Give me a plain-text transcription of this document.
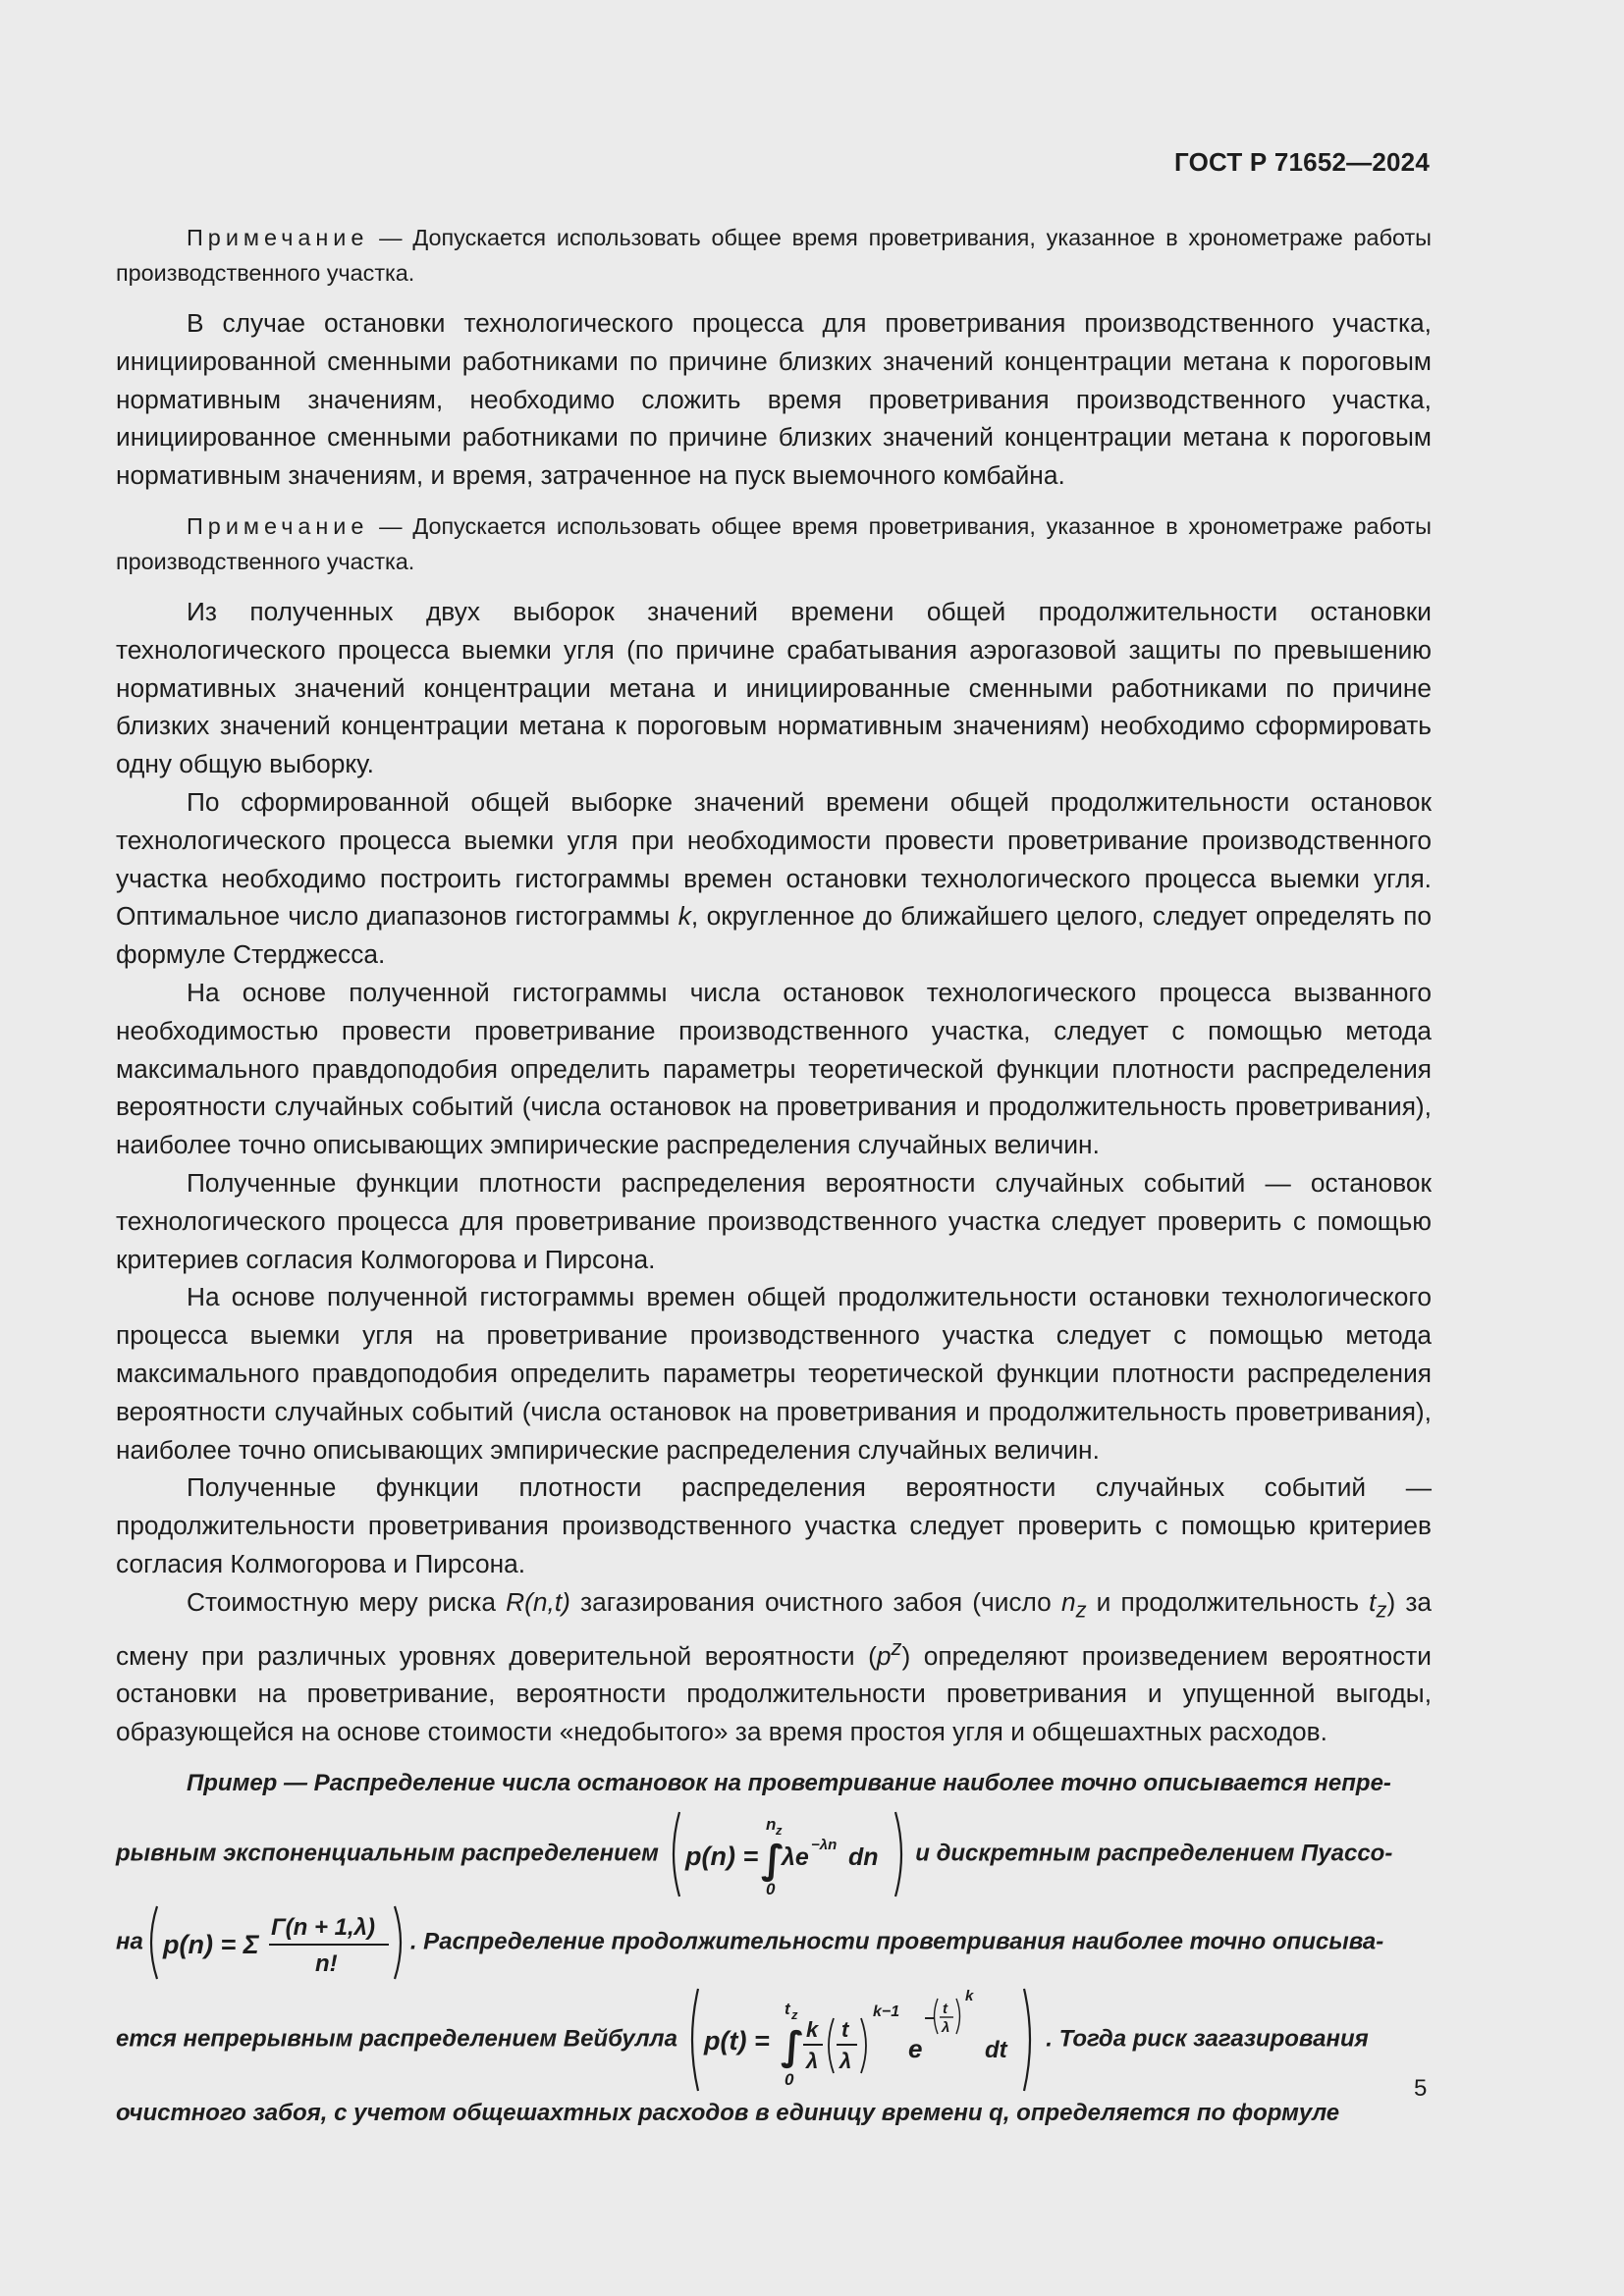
ГОСТ Р 71652—2024

Примечание — Допускается использовать общее время проветривания, указанное в хронометраже работы производственного участка.

В случае остановки технологического процесса для проветривания производственного участка, инициированной сменными работниками по причине близких значений концентрации метана к пороговым нормативным значениям, необходимо сложить время проветривания производственного участка, инициированное сменными работниками по причине близких значений концентрации метана к пороговым нормативным значениям, и время, затраченное на пуск выемочного комбайна.

Примечание — Допускается использовать общее время проветривания, указанное в хронометраже работы производственного участка.

Из полученных двух выборок значений времени общей продолжительности остановки технологического процесса выемки угля (по причине срабатывания аэрогазовой защиты по превышению нормативных значений концентрации метана и инициированные сменными работниками по причине близких значений концентрации метана к пороговым нормативным значениям) необходимо сформировать одну общую выборку.

По сформированной общей выборке значений времени общей продолжительности остановок технологического процесса выемки угля при необходимости провести проветривание производственного участка необходимо построить гистограммы времен остановки технологического процесса выемки угля. Оптимальное число диапазонов гистограммы k, округленное до ближайшего целого, следует определять по формуле Стерджесса.

На основе полученной гистограммы числа остановок технологического процесса вызванного необходимостью провести проветривание производственного участка, следует с помощью метода максимального правдоподобия определить параметры теоретической функции плотности распределения вероятности случайных событий (числа остановок на проветривания и продолжительность проветривания), наиболее точно описывающих эмпирические распределения случайных величин.

Полученные функции плотности распределения вероятности случайных событий — остановок технологического процесса для проветривание производственного участка следует проверить с помощью критериев согласия Колмогорова и Пирсона.

На основе полученной гистограммы времен общей продолжительности остановки технологического процесса выемки угля на проветривание производственного участка следует с помощью метода максимального правдоподобия определить параметры теоретической функции плотности распределения вероятности случайных событий (числа остановок на проветривания и продолжительность проветривания), наиболее точно описывающих эмпирические распределения случайных величин.

Полученные функции плотности распределения вероятности случайных событий — продолжительности проветривания производственного участка следует проверить с помощью критериев согласия Колмогорова и Пирсона.

Стоимостную меру риска R(n,t) загазирования очистного забоя (число $n_z$ и продолжительность $t_z$) за смену при различных уровнях доверительной вероятности $(p^z)$ определяют произведением вероятности остановки на проветривание, вероятности продолжительности проветривания и упущенной выгоды, образующейся на основе стоимости «недобытого» за время простоя угля и общешахтных расходов.

Пример — Распределение числа остановок на проветривание наиболее точно описывается непре-
рывным экспоненциальным распределением p(n) = ∫
n z
0
λe −λn dn и дискретным распределением Пуассо-
на p(n) = Σ
Γ(n + 1,λ)
n!
. Распределение продолжительности проветривания наиболее точно описыва-
ется непрерывным распределением Вейбулла p(t) = ∫
t z
0
k
λ
t
λ
k−1
e
− t
λ
k
dt . Тогда риск загазирования
очистного забоя, с учетом общешахтных расходов в единицу времени q, определяется по формуле
5
